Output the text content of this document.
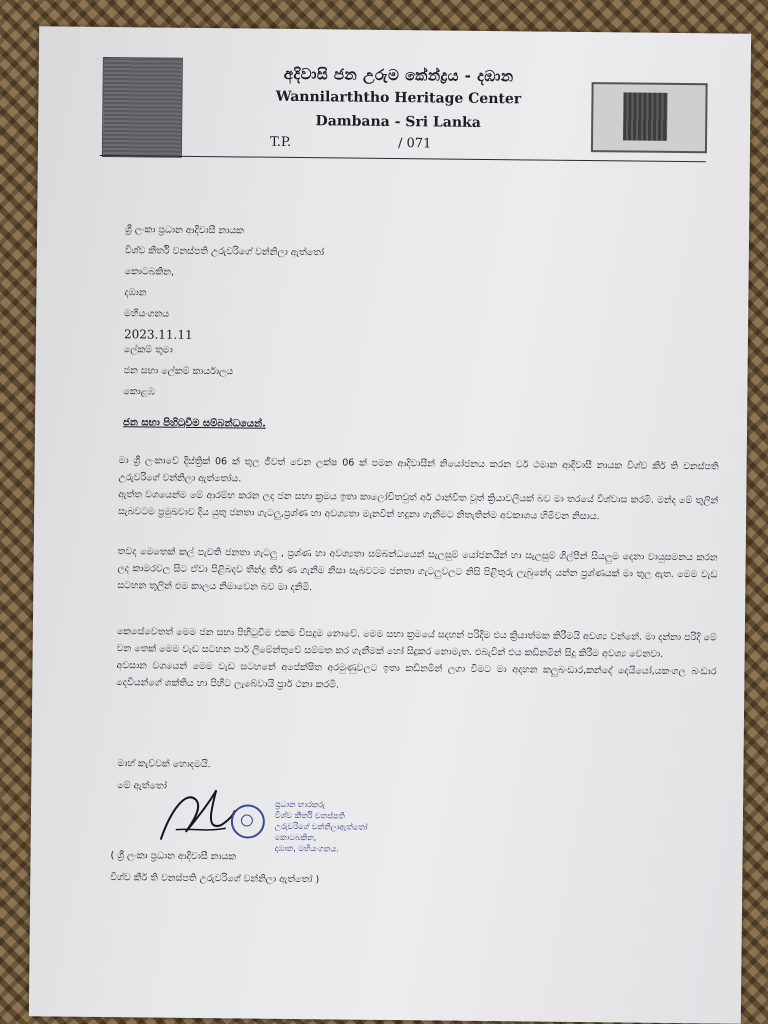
අදිවාසි ජන උරුම කේන්ද්‍රය - දඹාන
Wannilarththo Heritage Center
Dambana - Sri Lanka
T.P.	/ 071
ශ්‍රී ලංකා ප්‍රධාන ආදිවාසී නායක
විශ්ව කීර්ති වනස්පති උරුවරිගේ වන්නිලා ඇත්තෝ
කොටබකින,
දඹාන
මහියංගනය
2023.11.11
ලේකම් තුමා
ජන සභා ලේකම් කාර්යාලය
කොළඹ
ජන සභා පිහිටුවීම සම්බන්ධයෙන්.

මා ශ්‍රී ලංකාවේ දිස්ත්‍රික් 06 ක් තුල ජීවත් වෙන ලක්ෂ 06 ක් පමන ආදිවාසීන් නියෝජනය කරන වර් ථමාන ආදිවාසී නායක විශ්ව කීර් ති වනස්පති උරුවරිගේ වන්නිලා ඇත්තෝය.

ඇත්ත වශයෙන්ම මේ ආරම්භ කරන ලද ජන සභා ක්‍රමය ඉතා කාලෝචිතවුත් අර් ථාන්විත වූත් ක්‍රියාවලියක් බව මා තරයේ විශ්වාස කරමි. මන්ද මේ තුලින් සැබවටම ප්‍රමුඛවාව දිය යුතු ජනතා ගැටලු,ප්‍රශ්ණ හා අවශ්‍යතා මැනවින් හදුනා ගැනීමට නිතැතින්ම අවකාශය හිමිවන නිසාය.

තවද මෙතෙක් කල් පැවති ජනතා ගැටලු , ප්‍රශ්ණ හා අවශ්‍යතා සම්බන්ධයෙන් සැලසුම් යෝජනයින් හා සැලසුම් ශිල්පීන් සියලුම දෙනා වායුසමනය කරන ලද කාමරවල සිට ඒවා පිළිබදව තීන්දු තීර් ණ ගැනීම නිසා සැබවටම ජනතා ගැටලුවලට නිසි පිළිතුරු ලැබුනේද යන්න ප්‍රශ්ණයක් මා තුල ඇත. මෙම වැඩ සටහන තුලින් එම කාලය නිමාවෙන බව මා දනිමි.

කෙසේවෙතත් මෙම ජන සභා පිහිටුවීම එකම විසදුම නොවේ. මෙම සභා ක්‍රමයේ සදහන් පරිදිම එය ක්‍රියාත්මක කිරීමයි අවශ්‍ය වන්නේ. මා දන්නා පරිදි මේ වන තෙක් මෙම වැඩ සටහන පාර් ලිමේන්තුවේ සම්මත කර ගැනීමක් හෝ සිදුකර නොමැත. එබැවින් එය කඩිනමින් සිදු කිරීම අවශ්‍ය වෙනවා.

අවසාන වශයෙන් මෙම වැඩ සටහනේ අපේක්ෂිත අරමුණුවලට ඉතා කඩිනමින් ලගා වීමට මා අදහන කලුබංඩාර,කන්දේ දෙයියෝ,යකංගල බංඩාර දෙවියන්ගේ ශක්තිය හා පිහිට ලැබේවායි ප්‍රාර් ථනා කරමි.

මාහ් කැව්වක් හොදමයි.
මේ ඇත්තෝ
ප්‍රධාන භාරකරු
විශ්ව කීර්ති වනස්පති
උරුවරිගේ වන්නිලාඇත්තෝ
කොටබකින,
දඹාන, මහියංගනය.
( ශ්‍රී ලංකා ප්‍රධාන ආදිවාසී නායක
විශ්ව කීර් ති වනස්පති උරුවරිගේ වන්නිලා ඇත්තෝ )
